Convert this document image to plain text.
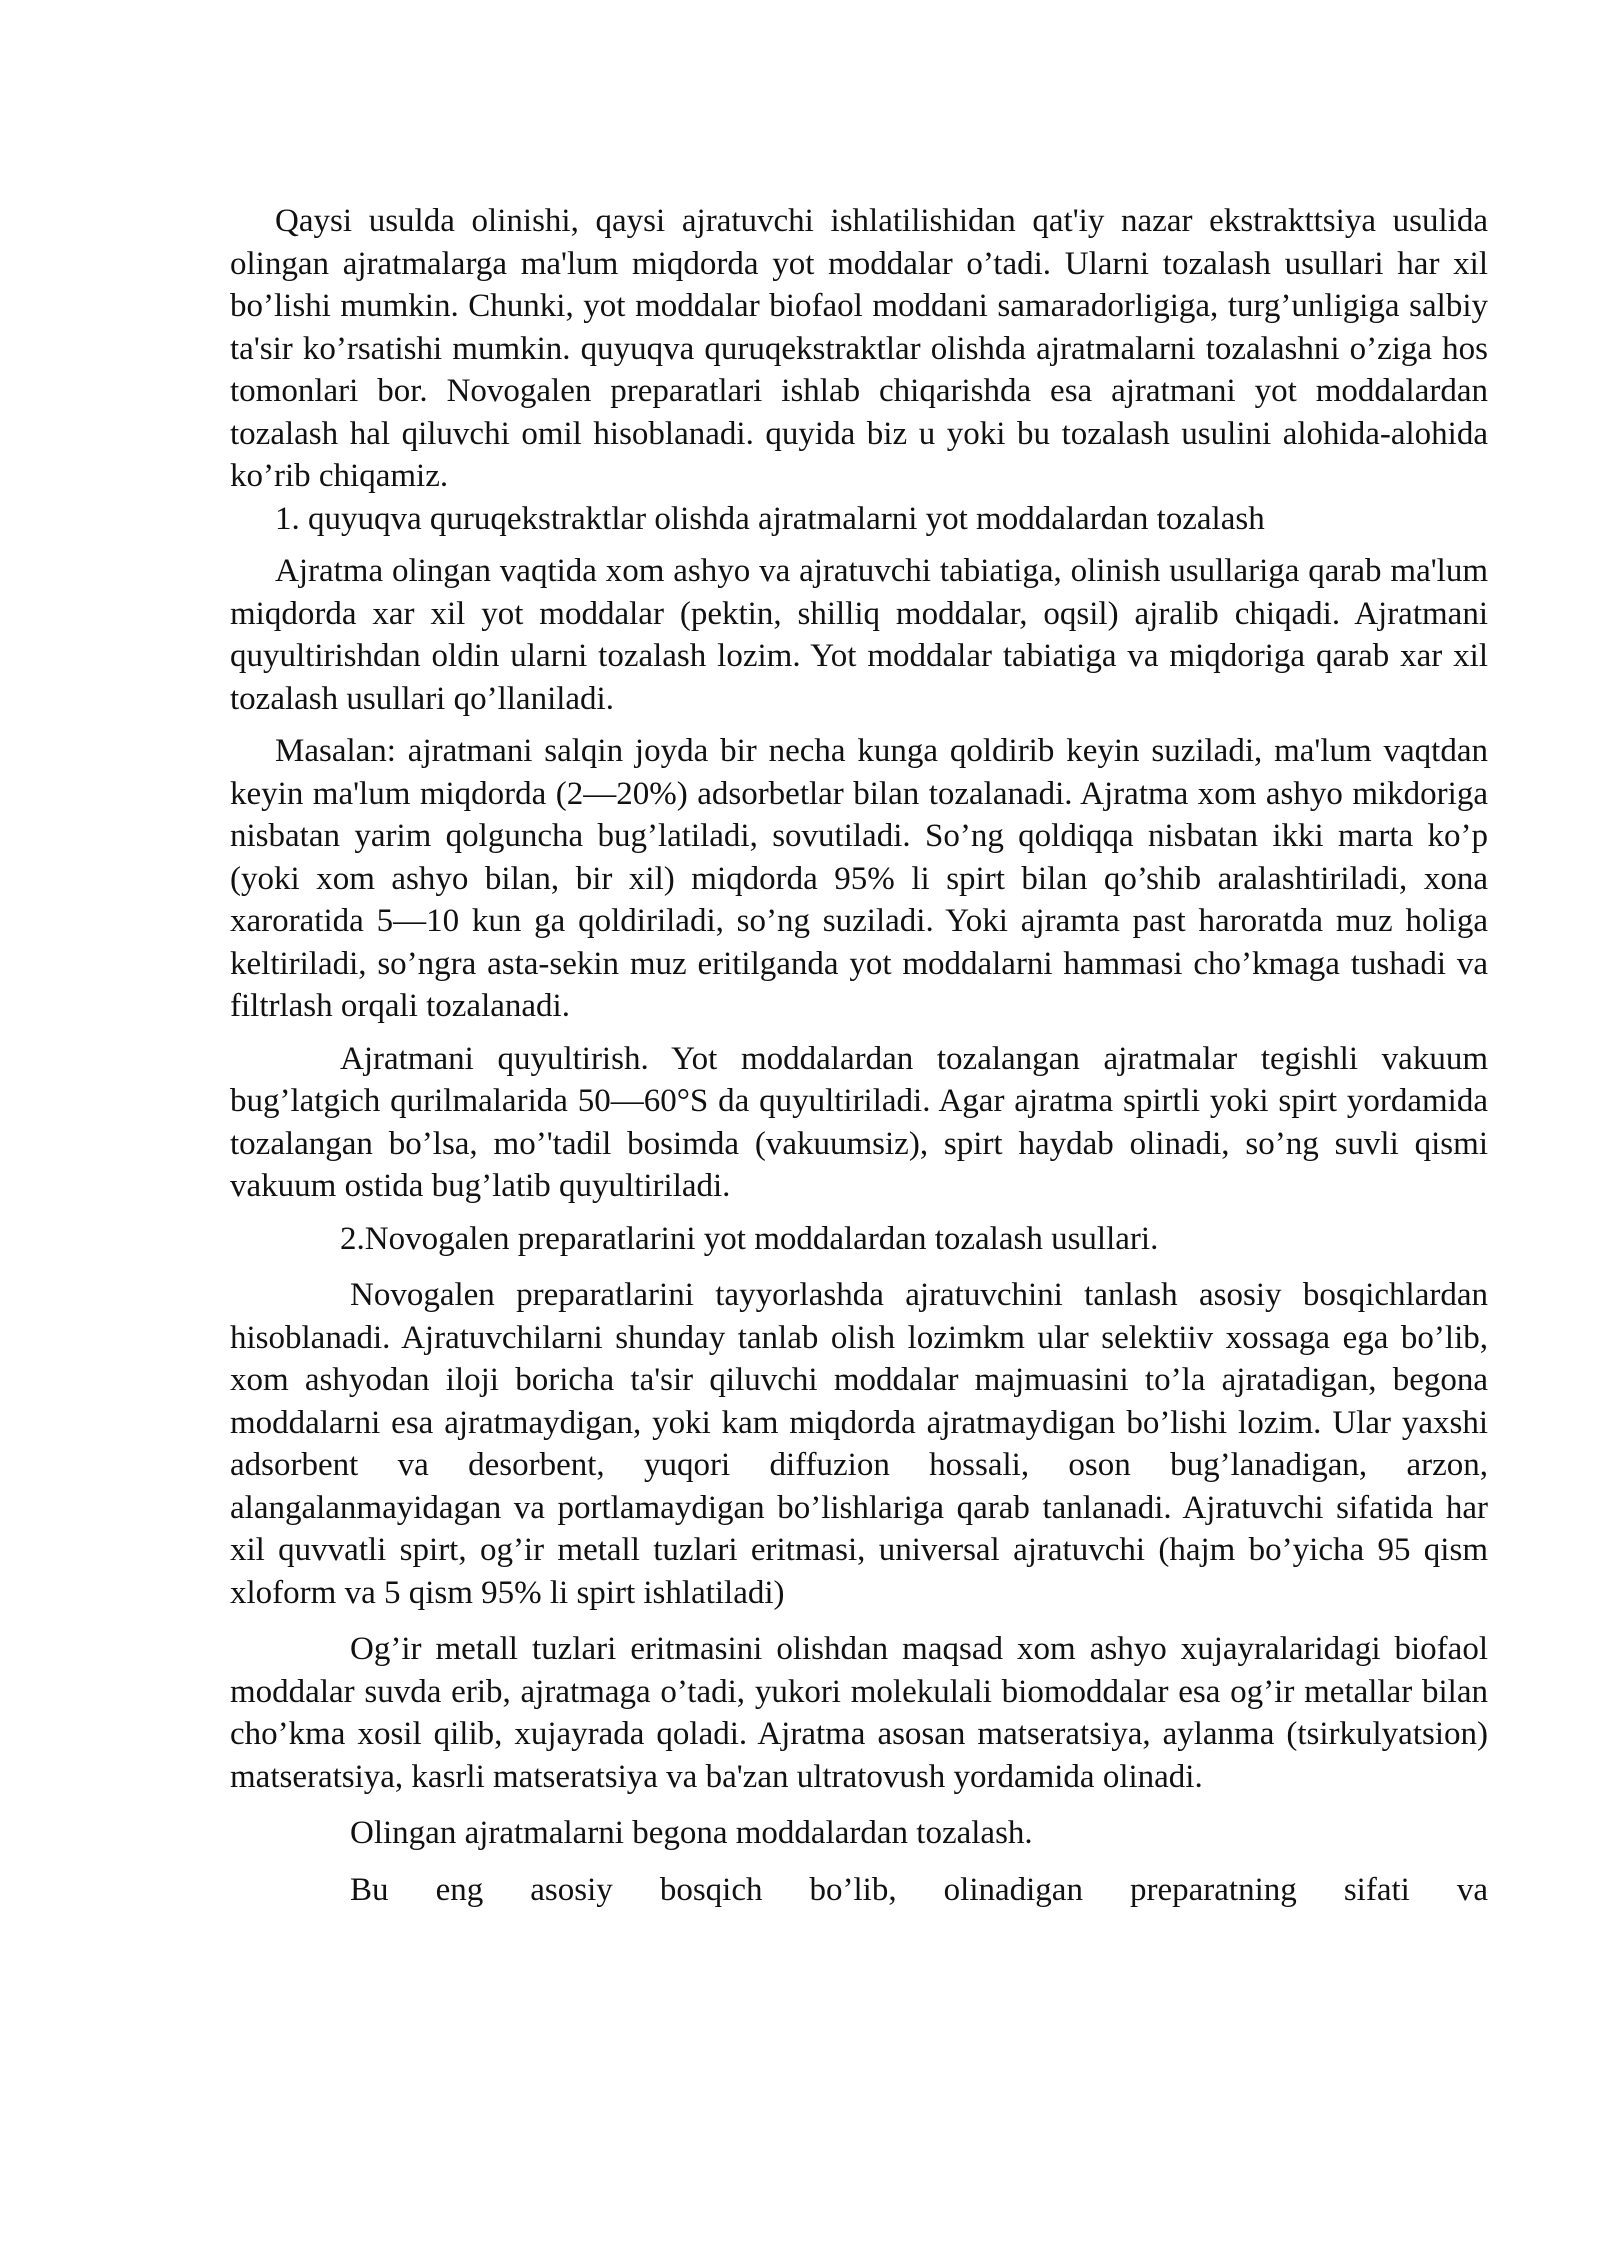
Qaysi usulda olinishi, qaysi ajratuvchi ishlatilishidan qat'iy nazar ekstrakttsiya usulida olingan ajratmalarga ma'lum miqdorda yot moddalar o’tadi. Ularni tozalash usullari har xil bo’lishi mumkin. Chunki, yot moddalar biofaol moddani samaradorligiga, turg’unligiga salbiy ta'sir ko’rsatishi mumkin. quyuqva quruqekstraktlar olishda ajratmalarni tozalashni o’ziga hos tomonlari bor. Novogalen preparatlari ishlab chiqarishda esa ajratmani yot moddalardan tozalash hal qiluvchi omil hisoblanadi. quyida biz u yoki bu tozalash usulini alohida-alohida ko’rib chiqamiz.

1. quyuqva quruqekstraktlar olishda ajratmalarni yot moddalardan tozalash

Ajratma olingan vaqtida xom ashyo va ajratuvchi tabiatiga, olinish usullariga qarab ma'lum miqdorda xar xil yot moddalar (pektin, shilliq moddalar, oqsil) ajralib chiqadi. Ajratmani quyultirishdan oldin ularni tozalash lozim. Yot moddalar tabiatiga va miqdoriga qarab xar xil tozalash usullari qo’llaniladi.

Masalan: ajratmani salqin joyda bir necha kunga qoldirib keyin suziladi, ma'lum vaqtdan keyin ma'lum miqdorda (2—20%) adsorbetlar bilan tozalanadi. Ajratma xom ashyo mikdoriga nisbatan yarim qolguncha bug’latiladi, sovutiladi. So’ng qoldiqqa nisbatan ikki marta ko’p (yoki xom ashyo bilan, bir xil) miqdorda 95% li spirt bilan qo’shib aralashtiriladi, xona xaroratida 5—10 kun ga qoldiriladi, so’ng suziladi. Yoki ajramta past haroratda muz holiga keltiriladi, so’ngra asta-sekin muz eritilganda yot moddalarni hammasi cho’kmaga tushadi va filtrlash orqali tozalanadi.

Ajratmani quyultirish. Yot moddalardan tozalangan ajratmalar tegishli vakuum bug’latgich qurilmalarida 50—60°S da quyultiriladi. Agar ajratma spirtli yoki spirt yordamida tozalangan bo’lsa, mo’'tadil bosimda (vakuumsiz), spirt haydab olinadi, so’ng suvli qismi vakuum ostida bug’latib quyultiriladi.

2.Novogalen preparatlarini yot moddalardan tozalash usullari.

Novogalen preparatlarini tayyorlashda ajratuvchini tanlash asosiy bosqichlardan hisoblanadi. Ajratuvchilarni shunday tanlab olish lozimkm ular selektiiv xossaga ega bo’lib, xom ashyodan iloji boricha ta'sir qiluvchi moddalar majmuasini to’la ajratadigan, begona moddalarni esa ajratmaydigan, yoki kam miqdorda ajratmaydigan bo’lishi lozim. Ular yaxshi adsorbent va desorbent, yuqori diffuzion hossali, oson bug’lanadigan, arzon, alangalanmayidagan va portlamaydigan bo’lishlariga qarab tanlanadi. Ajratuvchi sifatida har xil quvvatli spirt, og’ir metall tuzlari eritmasi, universal ajratuvchi (hajm bo’yicha 95 qism xloform va 5 qism 95% li spirt ishlatiladi)

Og’ir metall tuzlari eritmasini olishdan maqsad xom ashyo xujayralaridagi biofaol moddalar suvda erib, ajratmaga o’tadi, yukori molekulali biomoddalar esa og’ir metallar bilan cho’kma xosil qilib, xujayrada qoladi. Ajratma asosan matseratsiya, aylanma (tsirkulyatsion) matseratsiya, kasrli matseratsiya va ba'zan ultratovush yordamida olinadi.

Olingan ajratmalarni begona moddalardan tozalash.

Bu eng asosiy bosqich bo’lib, olinadigan preparatning sifati va
